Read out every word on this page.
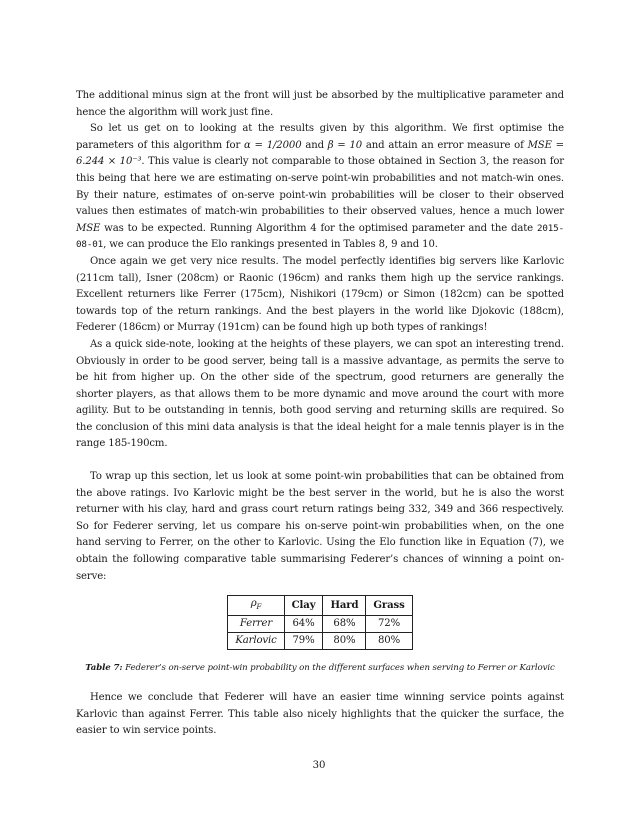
The additional minus sign at the front will just be absorbed by the multiplicative parameter and hence the algorithm will work just fine.

So let us get on to looking at the results given by this algorithm. We first optimise the parameters of this algorithm for α = 1/2000 and β = 10 and attain an error measure of MSE = 6.244 × 10⁻³. This value is clearly not comparable to those obtained in Section 3, the reason for this being that here we are estimating on-serve point-win probabilities and not match-win ones. By their nature, estimates of on-serve point-win probabilities will be closer to their observed values then estimates of match-win probabilities to their observed values, hence a much lower MSE was to be expected. Running Algorithm 4 for the optimised parameter and the date 2015-08-01, we can produce the Elo rankings presented in Tables 8, 9 and 10.

Once again we get very nice results. The model perfectly identifies big servers like Karlovic (211cm tall), Isner (208cm) or Raonic (196cm) and ranks them high up the service rankings. Excellent returners like Ferrer (175cm), Nishikori (179cm) or Simon (182cm) can be spotted towards top of the return rankings. And the best players in the world like Djokovic (188cm), Federer (186cm) or Murray (191cm) can be found high up both types of rankings!

As a quick side-note, looking at the heights of these players, we can spot an interesting trend. Obviously in order to be good server, being tall is a massive advantage, as permits the serve to be hit from higher up. On the other side of the spectrum, good returners are generally the shorter players, as that allows them to be more dynamic and move around the court with more agility. But to be outstanding in tennis, both good serving and returning skills are required. So the conclusion of this mini data analysis is that the ideal height for a male tennis player is in the range 185-190cm.

To wrap up this section, let us look at some point-win probabilities that can be obtained from the above ratings. Ivo Karlovic might be the best server in the world, but he is also the worst returner with his clay, hard and grass court return ratings being 332, 349 and 366 respectively. So for Federer serving, let us compare his on-serve point-win probabilities when, on the one hand serving to Ferrer, on the other to Karlovic. Using the Elo function like in Equation (7), we obtain the following comparative table summarising Federer’s chances of winning a point on-serve:

$\rho_F$	Clay	Hard	Grass
Ferrer	64%	68%	72%
Karlovic	79%	80%	80%
Table 7: Federer’s on-serve point-win probability on the different surfaces when serving to Ferrer or Karlovic

Hence we conclude that Federer will have an easier time winning service points against Karlovic than against Ferrer. This table also nicely highlights that the quicker the surface, the easier to win service points.

30
